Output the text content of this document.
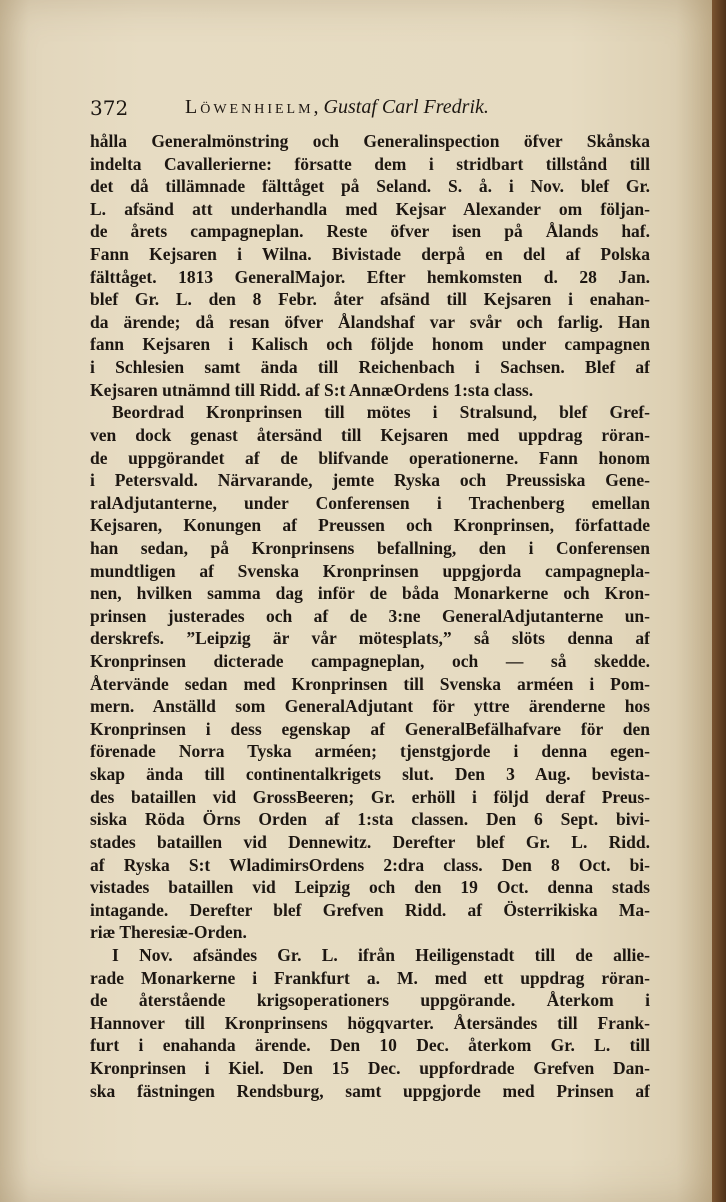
372	Löwenhielm, Gustaf Carl Fredrik.
hålla Generalmönstring och Generalinspection öfver Skånska
indelta Cavallerierne: försatte dem i stridbart tillstånd till
det då tillämnade fälttåget på Seland. S. å. i Nov. blef Gr.
L. afsänd att underhandla med Kejsar Alexander om följan-
de årets campagneplan. Reste öfver isen på Ålands haf.
Fann Kejsaren i Wilna. Bivistade derpå en del af Polska
fälttåget. 1813 GeneralMajor. Efter hemkomsten d. 28 Jan.
blef Gr. L. den 8 Febr. åter afsänd till Kejsaren i enahan-
da ärende; då resan öfver Ålandshaf var svår och farlig. Han
fann Kejsaren i Kalisch och följde honom under campagnen
i Schlesien samt ända till Reichenbach i Sachsen. Blef af
Kejsaren utnämnd till Ridd. af S:t AnnæOrdens 1:sta class.
Beordrad Kronprinsen till mötes i Stralsund, blef Gref-
ven dock genast återsänd till Kejsaren med uppdrag röran-
de uppgörandet af de blifvande operationerne. Fann honom
i Petersvald. Närvarande, jemte Ryska och Preussiska Gene-
ralAdjutanterne, under Conferensen i Trachenberg emellan
Kejsaren, Konungen af Preussen och Kronprinsen, författade
han sedan, på Kronprinsens befallning, den i Conferensen
mundtligen af Svenska Kronprinsen uppgjorda campagnepla-
nen, hvilken samma dag inför de båda Monarkerne och Kron-
prinsen justerades och af de 3:ne GeneralAdjutanterne un-
derskrefs. ”Leipzig är vår mötesplats,” så slöts denna af
Kronprinsen dicterade campagneplan, och — så skedde.
Återvände sedan med Kronprinsen till Svenska arméen i Pom-
mern. Anställd som GeneralAdjutant för yttre ärenderne hos
Kronprinsen i dess egenskap af GeneralBefälhafvare för den
förenade Norra Tyska arméen; tjenstgjorde i denna egen-
skap ända till continentalkrigets slut. Den 3 Aug. bevista-
des bataillen vid GrossBeeren; Gr. erhöll i följd deraf Preus-
siska Röda Örns Orden af 1:sta classen. Den 6 Sept. bivi-
stades bataillen vid Dennewitz. Derefter blef Gr. L. Ridd.
af Ryska S:t WladimirsOrdens 2:dra class. Den 8 Oct. bi-
vistades bataillen vid Leipzig och den 19 Oct. denna stads
intagande. Derefter blef Grefven Ridd. af Österrikiska Ma-
riæ Theresiæ-Orden.
I Nov. afsändes Gr. L. ifrån Heiligenstadt till de allie-
rade Monarkerne i Frankfurt a. M. med ett uppdrag röran-
de återstående krigsoperationers uppgörande. Återkom i
Hannover till Kronprinsens högqvarter. Återsändes till Frank-
furt i enahanda ärende. Den 10 Dec. återkom Gr. L. till
Kronprinsen i Kiel. Den 15 Dec. uppfordrade Grefven Dan-
ska fästningen Rendsburg, samt uppgjorde med Prinsen af
